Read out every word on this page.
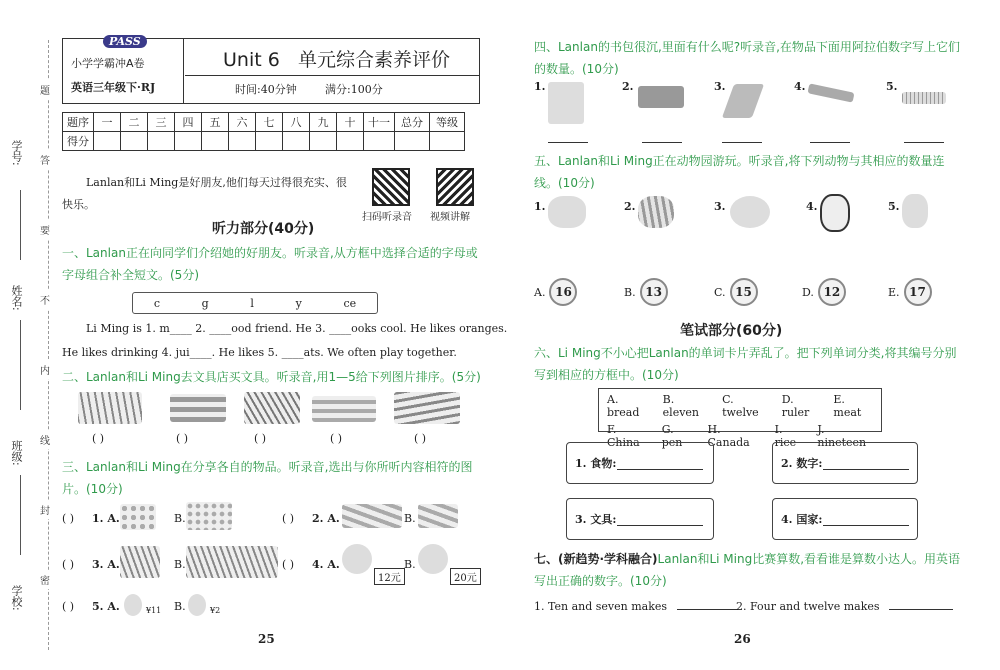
学号:
姓名:
班级:
学校:
题
答
要
不
内
线
封
密
PASS
小学学霸冲A卷
英语三年级下·RJ
Unit 6 单元综合素养评价
时间:40分钟	满分:100分
题序	一	二	三	四	五	六	七	八	九	十	十一	总分	等级
得分													
Lanlan和Li Ming是好朋友,他们每天过得很充实、很快乐。
扫码听录音 视频讲解
听力部分(40分)
一、Lanlan正在向同学们介绍她的好朋友。听录音,从方框中选择合适的字母或字母组合补全短文。(5分)
c	g	l	y	ce
Li Ming is 1. m____ 2. ____ood friend. He 3. ____ooks cool. He likes oranges.
He likes drinking 4. jui____. He likes 5. ____ats. We often play together.
二、Lanlan和Li Ming去文具店买文具。听录音,用1—5给下列图片排序。(5分)
( )	( )	( )	( )	( )
三、Lanlan和Li Ming在分享各自的物品。听录音,选出与你所听内容相符的图片。(10分)
( ) 1. A.	B.	( ) 2. A.	B.
( ) 3. A.	B.	( ) 4. A.
12元
B.
20元
( ) 5. A.	¥11 B.	¥2
25
四、Lanlan的书包很沉,里面有什么呢?听录音,在物品下面用阿拉伯数字写上它们的数量。(10分)
1.	2.	3.	4.	5.
五、Lanlan和Li Ming正在动物园游玩。听录音,将下列动物与其相应的数量连线。(10分)
1.	2.	3.	4.	5.
A. 16	B. 13	C. 15	D. 12	E. 17
笔试部分(60分)
六、Li Ming不小心把Lanlan的单词卡片弄乱了。把下列单词分类,将其编号分别写到相应的方框中。(10分)
A. bread
B. eleven
C. twelve
D. ruler
E. meat
F. China
G. pen
H. Canada
I. rice
J. nineteen
1. 食物:	2. 数字:
3. 文具:	4. 国家:
七、(新趋势·学科融合)Lanlan和Li Ming比赛算数,看看谁是算数小达人。用英语写出正确的数字。(10分)
1. Ten and seven makes	2. Four and twelve makes
26
